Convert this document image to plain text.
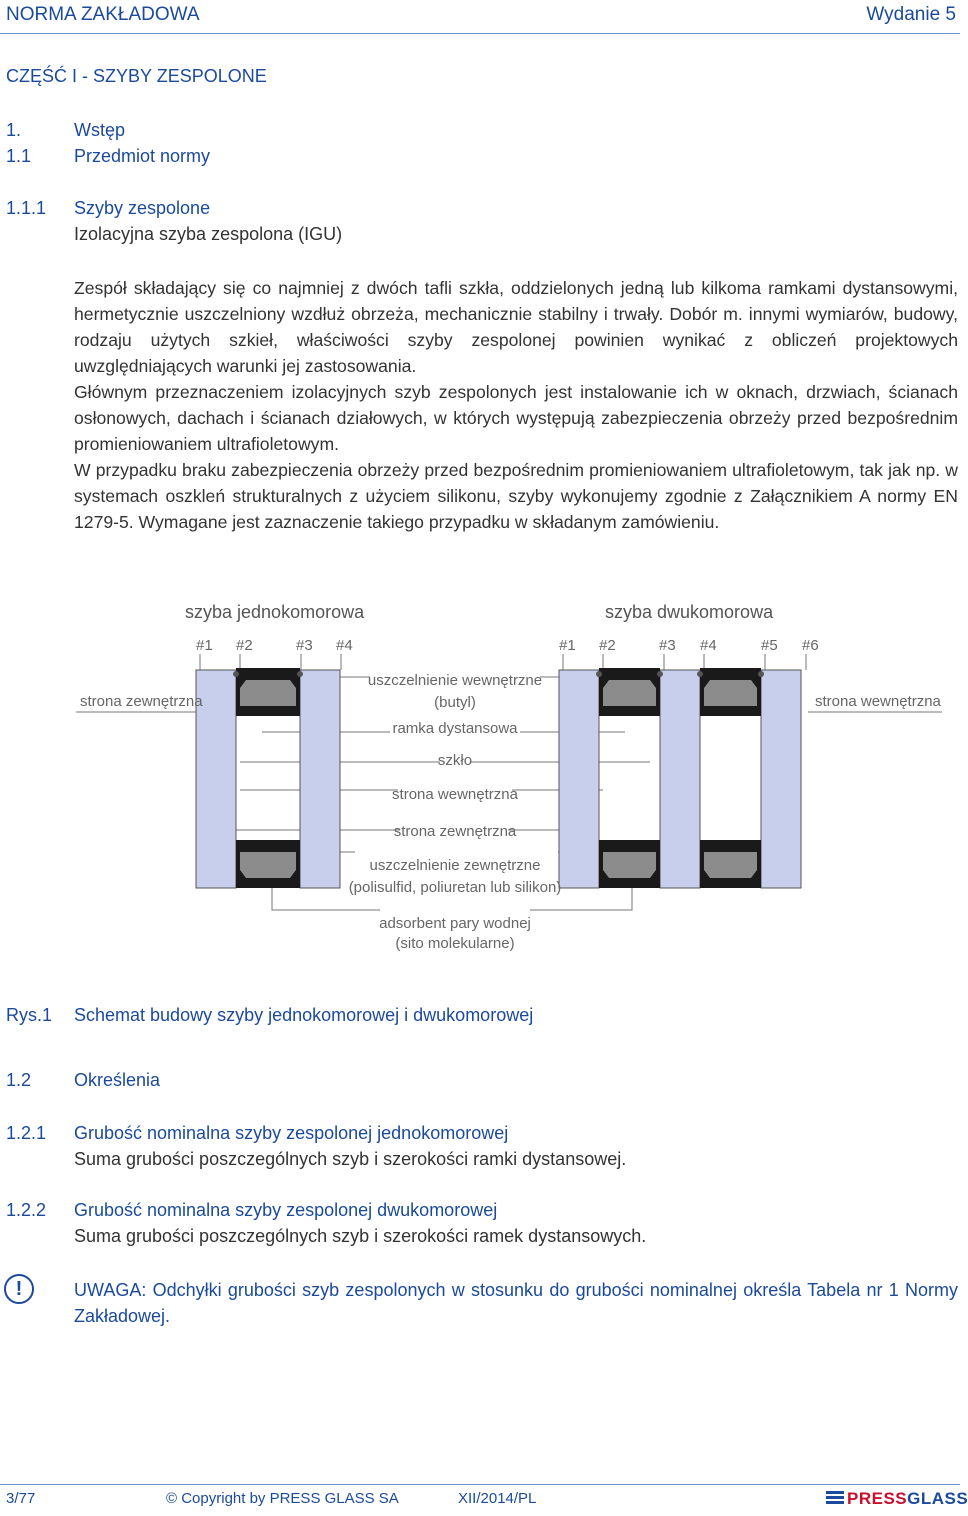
NORMA ZAKŁADOWA	Wydanie 5
CZĘŚĆ I - SZYBY ZESPOLONE
1.	Wstęp
1.1 Przedmiot normy
1.1.1 Szyby zespolone
Izolacyjna szyba zespolona (IGU)

Zespół składający się co najmniej z dwóch tafli szkła, oddzielonych jedną lub kilkoma ramkami dystansowymi, hermetycznie uszczelniony wzdłuż obrzeża, mechanicznie stabilny i trwały. Dobór m. innymi wymiarów, budowy, rodzaju użytych szkieł, właściwości szyby zespolonej powinien wynikać z obliczeń projektowych uwzględniających warunki jej zastosowania.

Głównym przeznaczeniem izolacyjnych szyb zespolonych jest instalowanie ich w oknach, drzwiach, ścianach osłonowych, dachach i ścianach działowych, w których występują zabezpieczenia obrzeży przed bezpośrednim promieniowaniem ultrafioletowym.

W przypadku braku zabezpieczenia obrzeży przed bezpośrednim promieniowaniem ultrafioletowym, tak jak np. w systemach oszkleń strukturalnych z użyciem silikonu, szyby wykonujemy zgodnie z Załącznikiem A normy EN 1279-5. Wymagane jest zaznaczenie takiego przypadku w składanym zamówieniu.

szyba jednokomorowa	szyba dwukomorowa
#1 #2	#3 #4	#1 #2	#3 #4	#5 #6
strona zewnętrzna	strona wewnętrzna
uszczelnienie wewnętrzne
(butyl)
ramka dystansowa
szkło
strona wewnętrzna
strona zewnętrzna
uszczelnienie zewnętrzne
(polisulfid, poliuretan lub silikon)
adsorbent pary wodnej
(sito molekularne)
Rys.1 Schemat budowy szyby jednokomorowej i dwukomorowej
1.2 Określenia
1.2.1 Grubość nominalna szyby zespolonej jednokomorowej
Suma grubości poszczególnych szyb i szerokości ramki dystansowej.
1.2.2 Grubość nominalna szyby zespolonej dwukomorowej
Suma grubości poszczególnych szyb i szerokości ramek dystansowych.
!	UWAGA: Odchyłki grubości szyb zespolonych w stosunku do grubości nominalnej określa Tabela nr 1 Normy Zakładowej.
3/77	© Copyright by PRESS GLASS SA	XII/2014/PL	PRESSGLASS
